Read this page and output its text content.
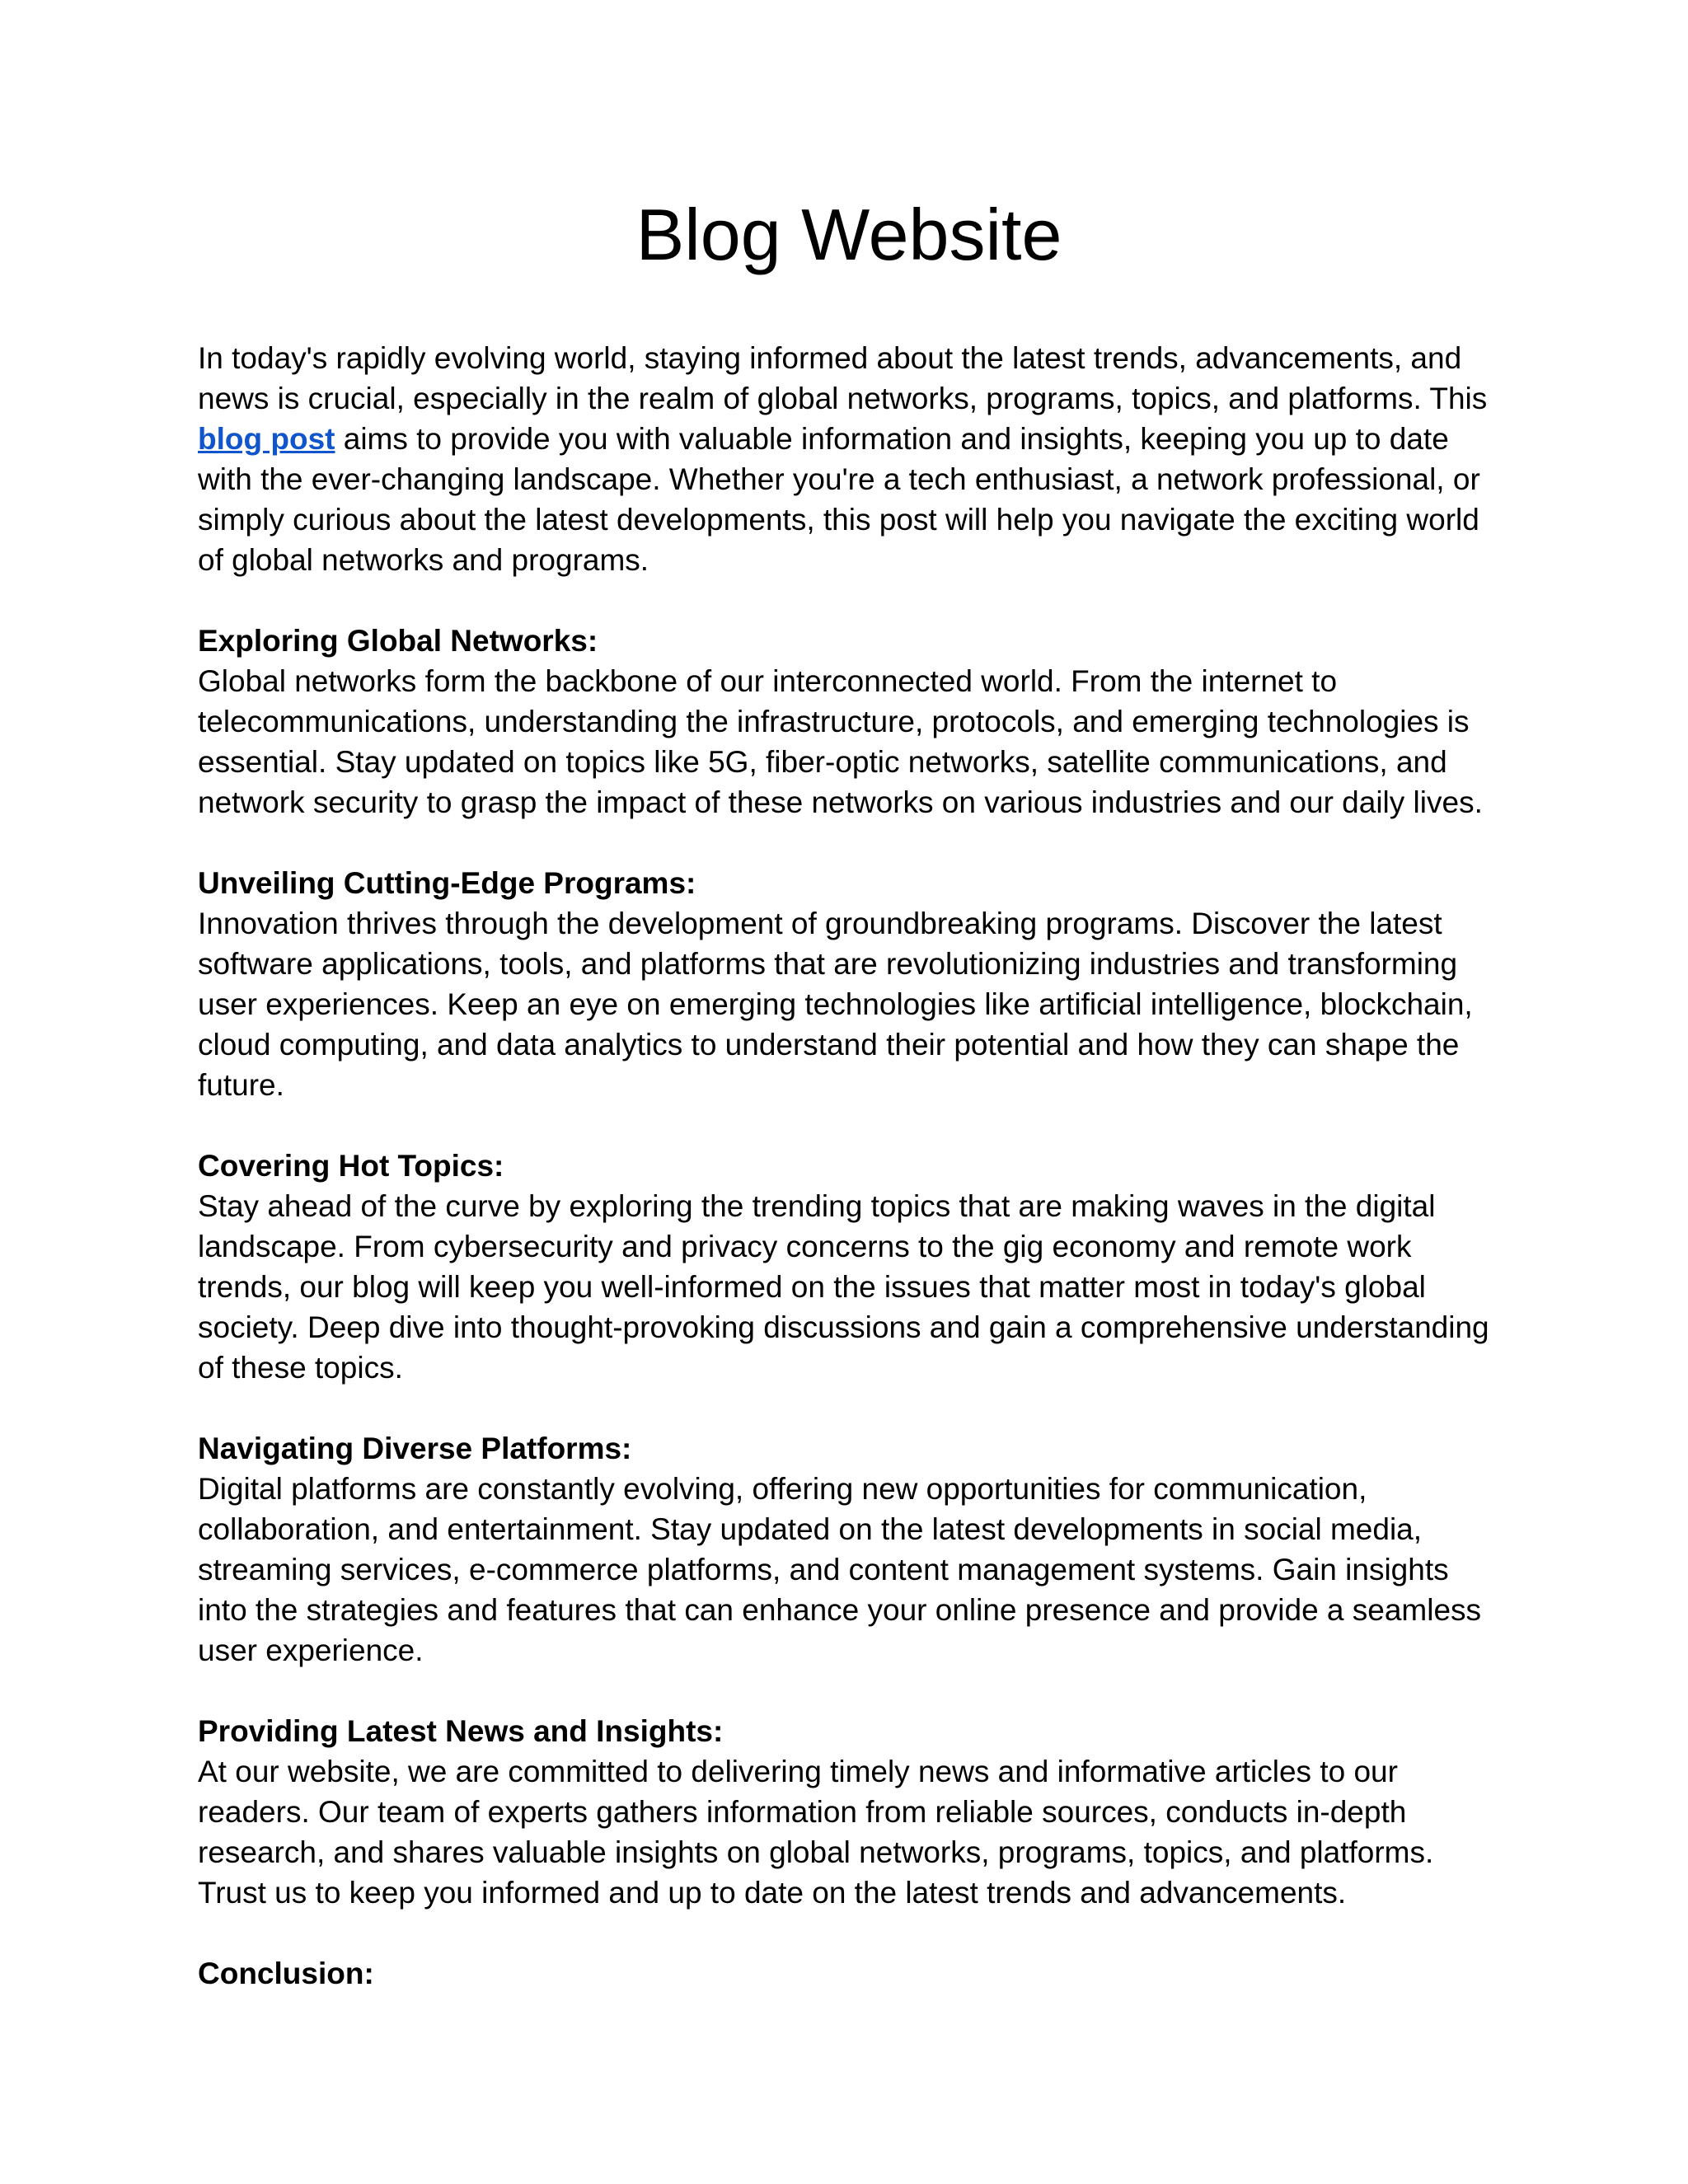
Blog Website

In today's rapidly evolving world, staying informed about the latest trends, advancements, and news is crucial, especially in the realm of global networks, programs, topics, and platforms. This blog post aims to provide you with valuable information and insights, keeping you up to date with the ever-changing landscape. Whether you're a tech enthusiast, a network professional, or simply curious about the latest developments, this post will help you navigate the exciting world of global networks and programs.

Exploring Global Networks:

Global networks form the backbone of our interconnected world. From the internet to telecommunications, understanding the infrastructure, protocols, and emerging technologies is essential. Stay updated on topics like 5G, fiber-optic networks, satellite communications, and network security to grasp the impact of these networks on various industries and our daily lives.

Unveiling Cutting-Edge Programs:

Innovation thrives through the development of groundbreaking programs. Discover the latest software applications, tools, and platforms that are revolutionizing industries and transforming user experiences. Keep an eye on emerging technologies like artificial intelligence, blockchain, cloud computing, and data analytics to understand their potential and how they can shape the future.

Covering Hot Topics:

Stay ahead of the curve by exploring the trending topics that are making waves in the digital landscape. From cybersecurity and privacy concerns to the gig economy and remote work trends, our blog will keep you well-informed on the issues that matter most in today's global society. Deep dive into thought-provoking discussions and gain a comprehensive understanding of these topics.

Navigating Diverse Platforms:

Digital platforms are constantly evolving, offering new opportunities for communication, collaboration, and entertainment. Stay updated on the latest developments in social media, streaming services, e-commerce platforms, and content management systems. Gain insights into the strategies and features that can enhance your online presence and provide a seamless user experience.

Providing Latest News and Insights:

At our website, we are committed to delivering timely news and informative articles to our readers. Our team of experts gathers information from reliable sources, conducts in-depth research, and shares valuable insights on global networks, programs, topics, and platforms. Trust us to keep you informed and up to date on the latest trends and advancements.

Conclusion:
